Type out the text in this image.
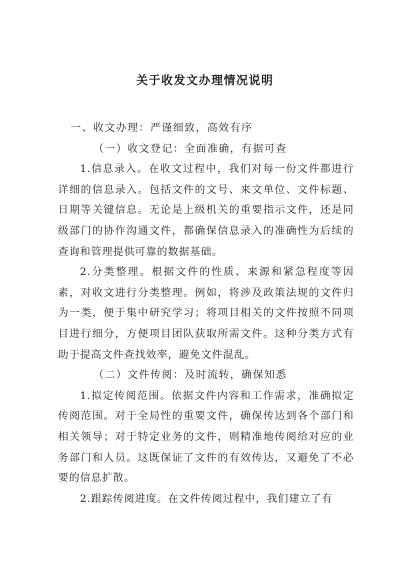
关于收发文办理情况说明

一、收文办理：严谨细致，高效有序

（一）收文登记：全面准确，有据可查

1.信息录入。在收文过程中，我们对每一份文件都进行详细的信息录入。包括文件的文号、来文单位、文件标题、日期等关键信息。无论是上级机关的重要指示文件，还是同级部门的协作沟通文件，都确保信息录入的准确性为后续的查询和管理提供可靠的数据基础。

2.分类整理。根据文件的性质、来源和紧急程度等因素，对收文进行分类整理。例如，将涉及政策法规的文件归为一类，便于集中研究学习；将项目相关的文件按照不同项目进行细分，方便项目团队获取所需文件。这种分类方式有助于提高文件查找效率，避免文件混乱。

（二）文件传阅：及时流转，确保知悉

1.拟定传阅范围。依据文件内容和工作需求，准确拟定传阅范围。对于全局性的重要文件，确保传达到各个部门和相关领导；对于特定业务的文件，则精准地传阅给对应的业务部门和人员。这既保证了文件的有效传达，又避免了不必要的信息扩散。

2.跟踪传阅进度。在文件传阅过程中，我们建立了有
